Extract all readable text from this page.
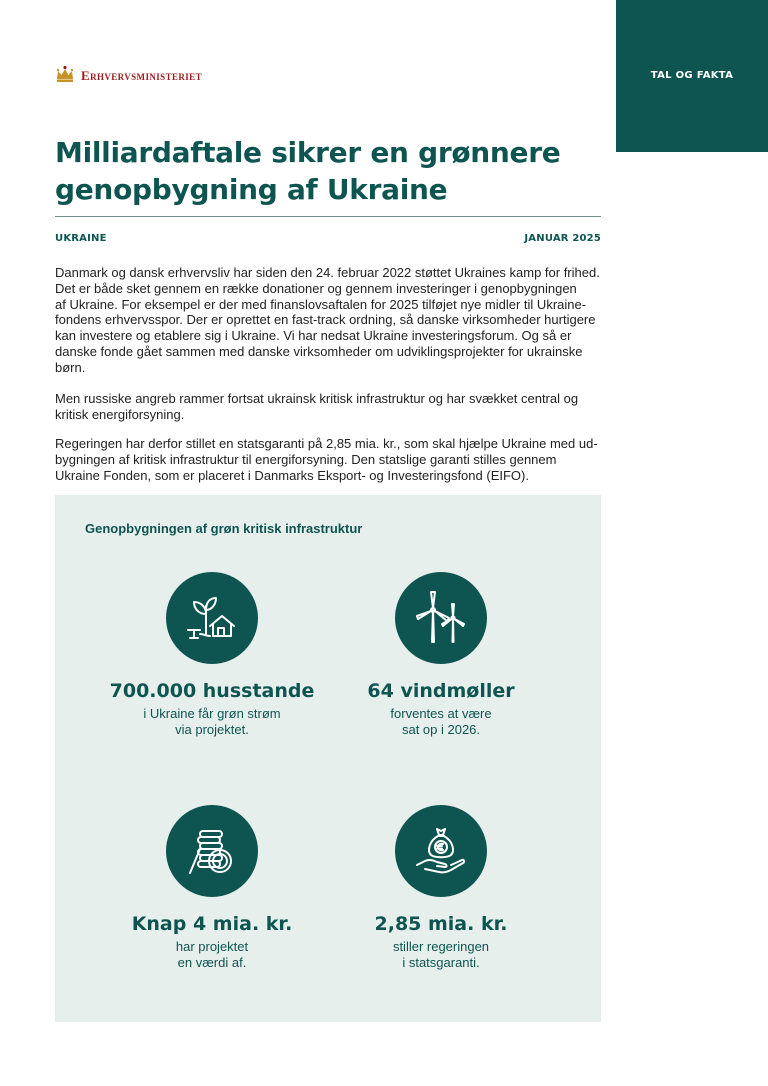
TAL OG FAKTA
Erhvervsministeriet
Milliardaftale sikrer en grønnere
genopbygning af Ukraine
UKRAINE	JANUAR 2025

Danmark og dansk erhvervsliv har siden den 24. februar 2022 støttet Ukraines kamp for frihed.
Det er både sket gennem en række donationer og gennem investeringer i genopbygningen
af Ukraine. For eksempel er der med finanslovsaftalen for 2025 tilføjet nye midler til Ukraine-
fondens erhvervsspor. Der er oprettet en fast-track ordning, så danske virksomheder hurtigere
kan investere og etablere sig i Ukraine. Vi har nedsat Ukraine investeringsforum. Og så er
danske fonde gået sammen med danske virksomheder om udviklingsprojekter for ukrainske
børn.

Men russiske angreb rammer fortsat ukrainsk kritisk infrastruktur og har svækket central og
kritisk energiforsyning.

Regeringen har derfor stillet en statsgaranti på 2,85 mia. kr., som skal hjælpe Ukraine med ud-
bygningen af kritisk infrastruktur til energiforsyning. Den statslige garanti stilles gennem
Ukraine Fonden, som er placeret i Danmarks Eksport- og Investeringsfond (EIFO).

Genopbygningen af grøn kritisk infrastruktur
700.000 husstande
i Ukraine får grøn strøm
via projektet.
64 vindmøller
forventes at være
sat op i 2026.
Knap 4 mia. kr.
har projektet
en værdi af.
2,85 mia. kr.
stiller regeringen
i statsgaranti.
